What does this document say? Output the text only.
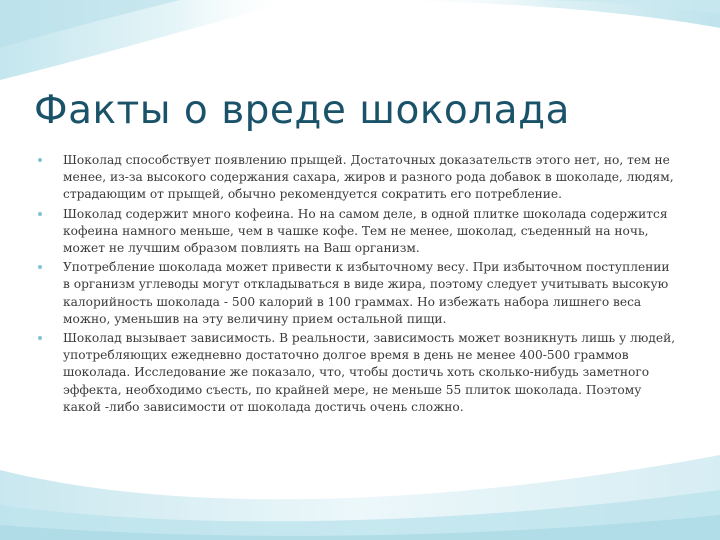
Факты о вреде шоколада
Шоколад способствует появлению прыщей. Достаточных доказательств этого нет, но, тем не менее, из-за высокого содержания сахара, жиров и разного рода добавок в шоколаде, людям, страдающим от прыщей, обычно рекомендуется сократить его потребление.
Шоколад содержит много кофеина. Но на самом деле, в одной плитке шоколада содержится кофеина намного меньше, чем в чашке кофе. Тем не менее, шоколад, съеденный на ночь, может не лучшим образом повлиять на Ваш организм.
Употребление шоколада может привести к избыточному весу. При избыточном поступлении в организм углеводы могут откладываться в виде жира, поэтому следует учитывать высокую калорийность шоколада - 500 калорий в 100 граммах. Но избежать набора лишнего веса можно, уменьшив на эту величину прием остальной пищи.
Шоколад вызывает зависимость. В реальности, зависимость может возникнуть лишь у людей, употребляющих ежедневно достаточно долгое время в день не менее 400-500 граммов шоколада. Исследование же показало, что, чтобы достичь хоть сколько-нибудь заметного эффекта, необходимо съесть, по крайней мере, не меньше 55 плиток шоколада. Поэтому какой -либо зависимости от шоколада достичь очень сложно.
